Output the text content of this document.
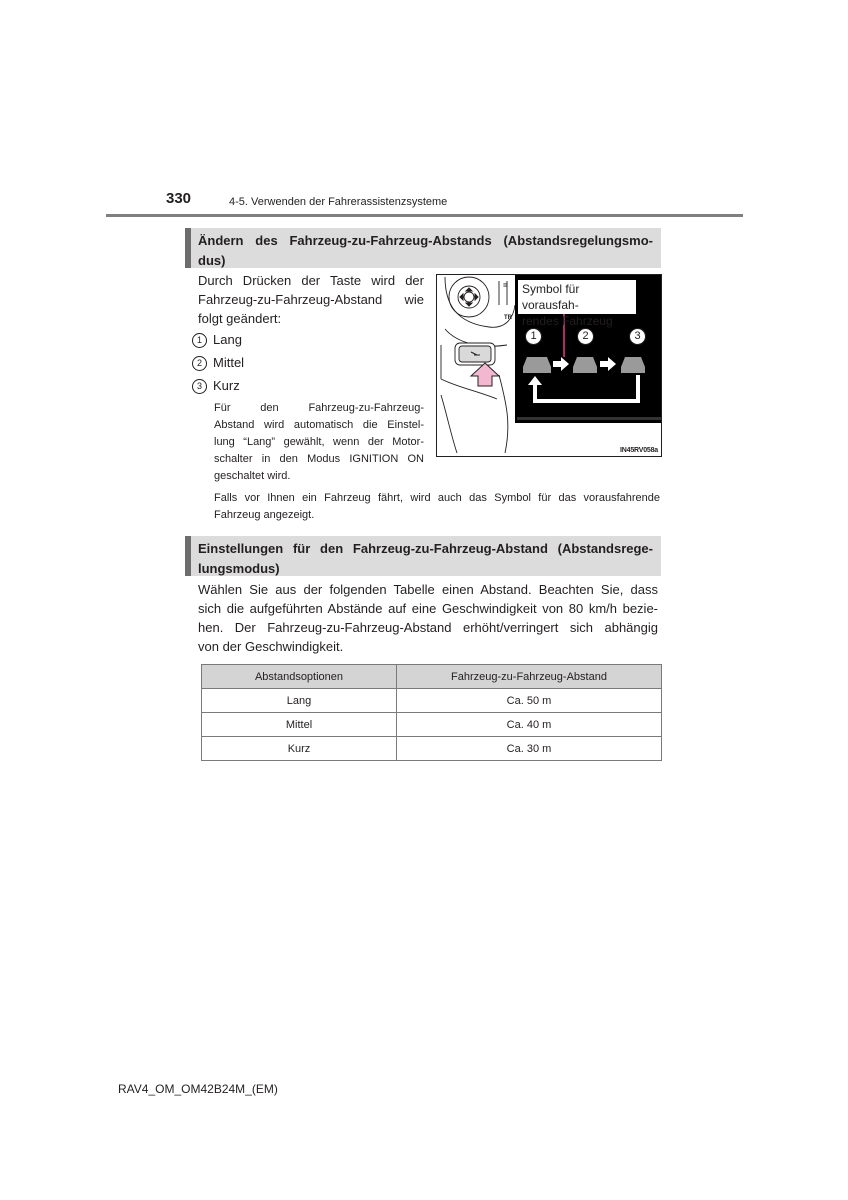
330	4-5. Verwenden der Fahrerassistenzsysteme
Ändern des Fahrzeug-zu-Fahrzeug-Abstands (Abstandsregelungsmo-
dus)
Durch Drücken der Taste wird der
Fahrzeug-zu-Fahrzeug-Abstand wie
folgt geändert:
1 Lang
2 Mittel
3 Kurz
Für den Fahrzeug-zu-Fahrzeug-
Abstand wird automatisch die Einstel-
lung “Lang” gewählt, wenn der Motor-
schalter in den Modus IGNITION ON
geschaltet wird.
Falls vor Ihnen ein Fahrzeug fährt, wird auch das Symbol für das vorausfahrende
Fahrzeug angezeigt.
=
TR
Symbol für vorausfah-
rendes Fahrzeug
1	2	3
IN45RV058a
Einstellungen für den Fahrzeug-zu-Fahrzeug-Abstand (Abstandsrege-
lungsmodus)
Wählen Sie aus der folgenden Tabelle einen Abstand. Beachten Sie, dass
sich die aufgeführten Abstände auf eine Geschwindigkeit von 80 km/h bezie-
hen. Der Fahrzeug-zu-Fahrzeug-Abstand erhöht/verringert sich abhängig
von der Geschwindigkeit.
Abstandsoptionen	Fahrzeug-zu-Fahrzeug-Abstand
Lang	Ca. 50 m
Mittel	Ca. 40 m
Kurz	Ca. 30 m
RAV4_OM_OM42B24M_(EM)
